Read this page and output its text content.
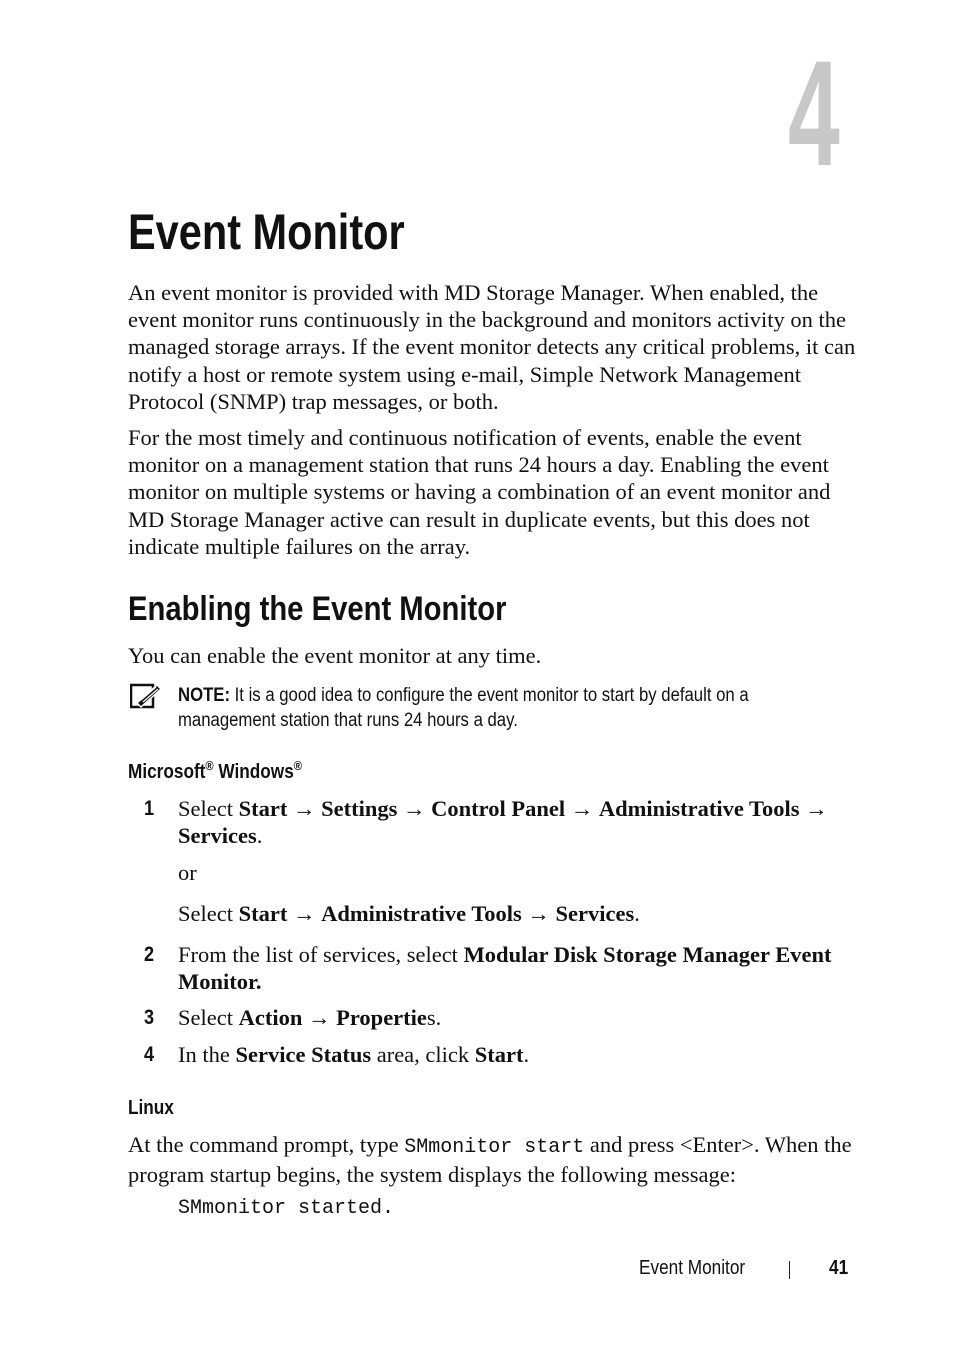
4
Event Monitor

An event monitor is provided with MD Storage Manager. When enabled, the event monitor runs continuously in the background and monitors activity on the managed storage arrays. If the event monitor detects any critical problems, it can notify a host or remote system using e-mail, Simple Network Management Protocol (SNMP) trap messages, or both.

For the most timely and continuous notification of events, enable the event monitor on a management station that runs 24 hours a day. Enabling the event monitor on multiple systems or having a combination of an event monitor and MD Storage Manager active can result in duplicate events, but this does not indicate multiple failures on the array.

Enabling the Event Monitor

You can enable the event monitor at any time.

NOTE: It is a good idea to configure the event monitor to start by default on a management station that runs 24 hours a day.
Microsoft® Windows®
1 Select Start → Settings → Control Panel → Administrative Tools →
Services.
or
Select Start → Administrative Tools → Services.
2 From the list of services, select Modular Disk Storage Manager Event Monitor.
3 Select Action → Properties.
4 In the Service Status area, click Start.
Linux
At the command prompt, type SMmonitor start and press <Enter>. When the program startup begins, the system displays the following message:
SMmonitor started.
Event Monitor	41
